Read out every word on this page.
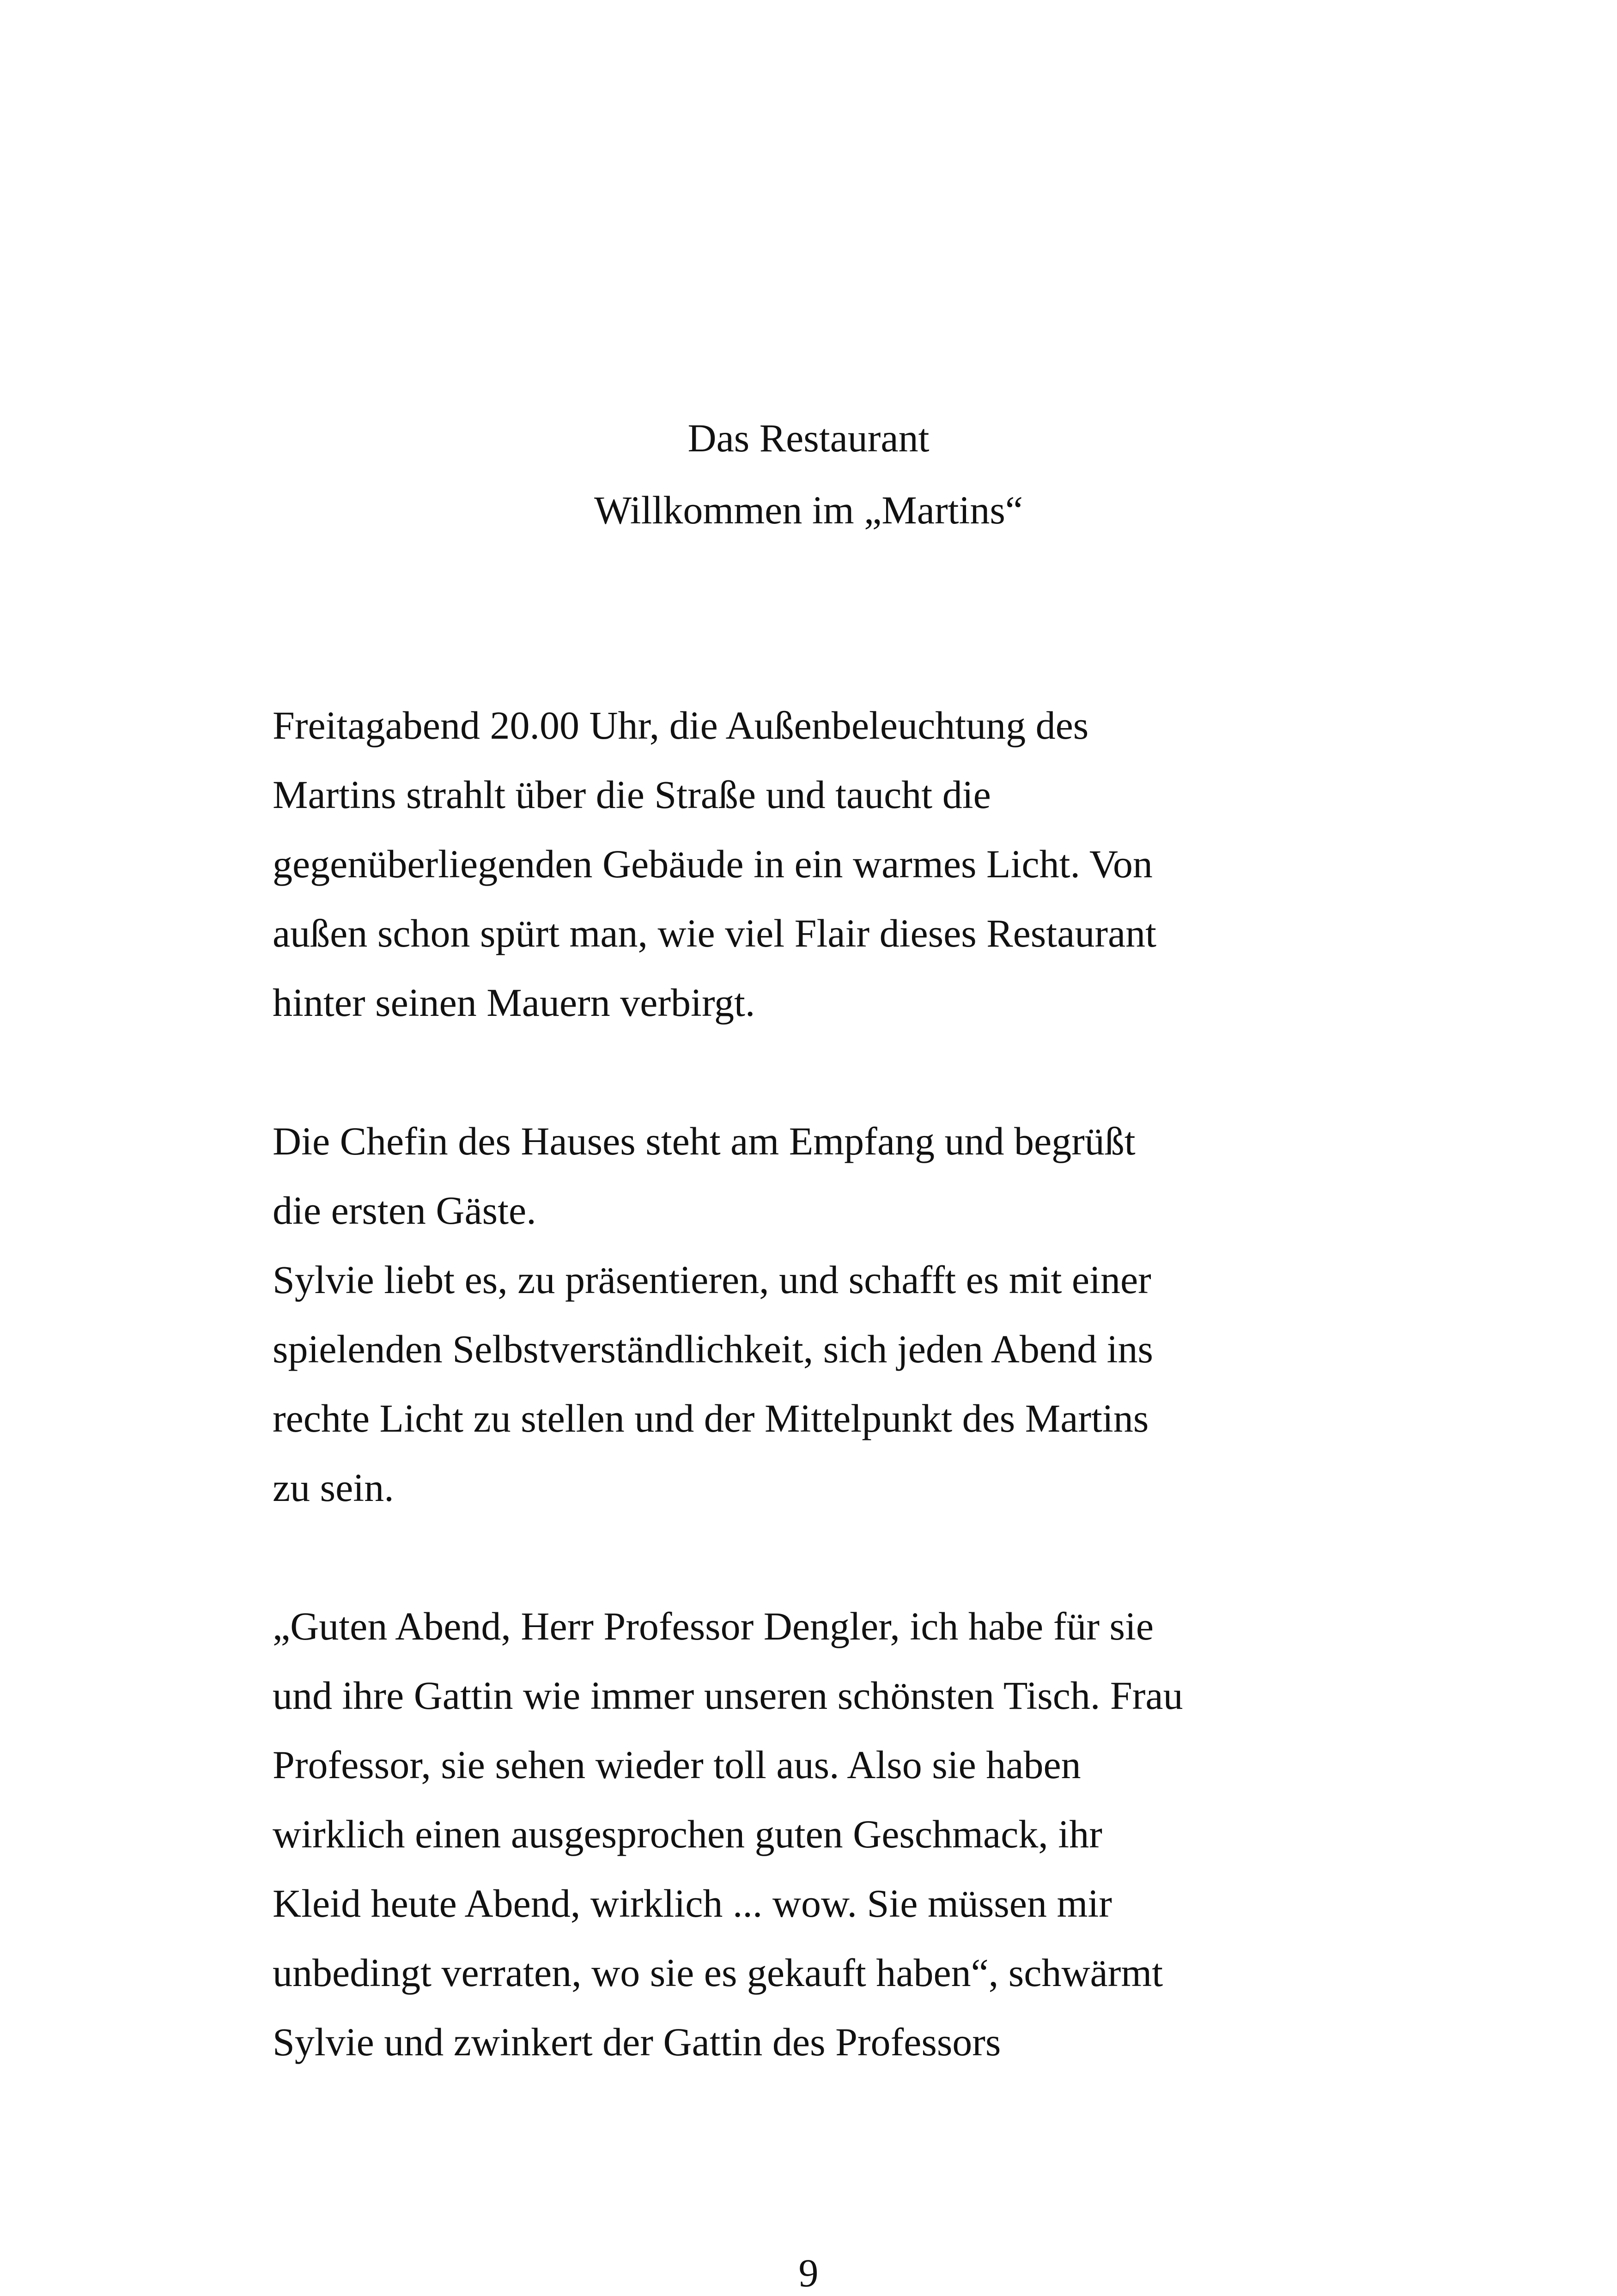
Das Restaurant
Willkommen im „Martins“
Freitagabend 20.00 Uhr, die Außenbeleuchtung des
Martins strahlt über die Straße und taucht die
gegenüberliegenden Gebäude in ein warmes Licht. Von
außen schon spürt man, wie viel Flair dieses Restaurant
hinter seinen Mauern verbirgt.
Die Chefin des Hauses steht am Empfang und begrüßt
die ersten Gäste.
Sylvie liebt es, zu präsentieren, und schafft es mit einer
spielenden Selbstverständlichkeit, sich jeden Abend ins
rechte Licht zu stellen und der Mittelpunkt des Martins
zu sein.
„Guten Abend, Herr Professor Dengler, ich habe für sie
und ihre Gattin wie immer unseren schönsten Tisch. Frau
Professor, sie sehen wieder toll aus. Also sie haben
wirklich einen ausgesprochen guten Geschmack, ihr
Kleid heute Abend, wirklich ... wow. Sie müssen mir
unbedingt verraten, wo sie es gekauft haben“, schwärmt
Sylvie und zwinkert der Gattin des Professors
9
